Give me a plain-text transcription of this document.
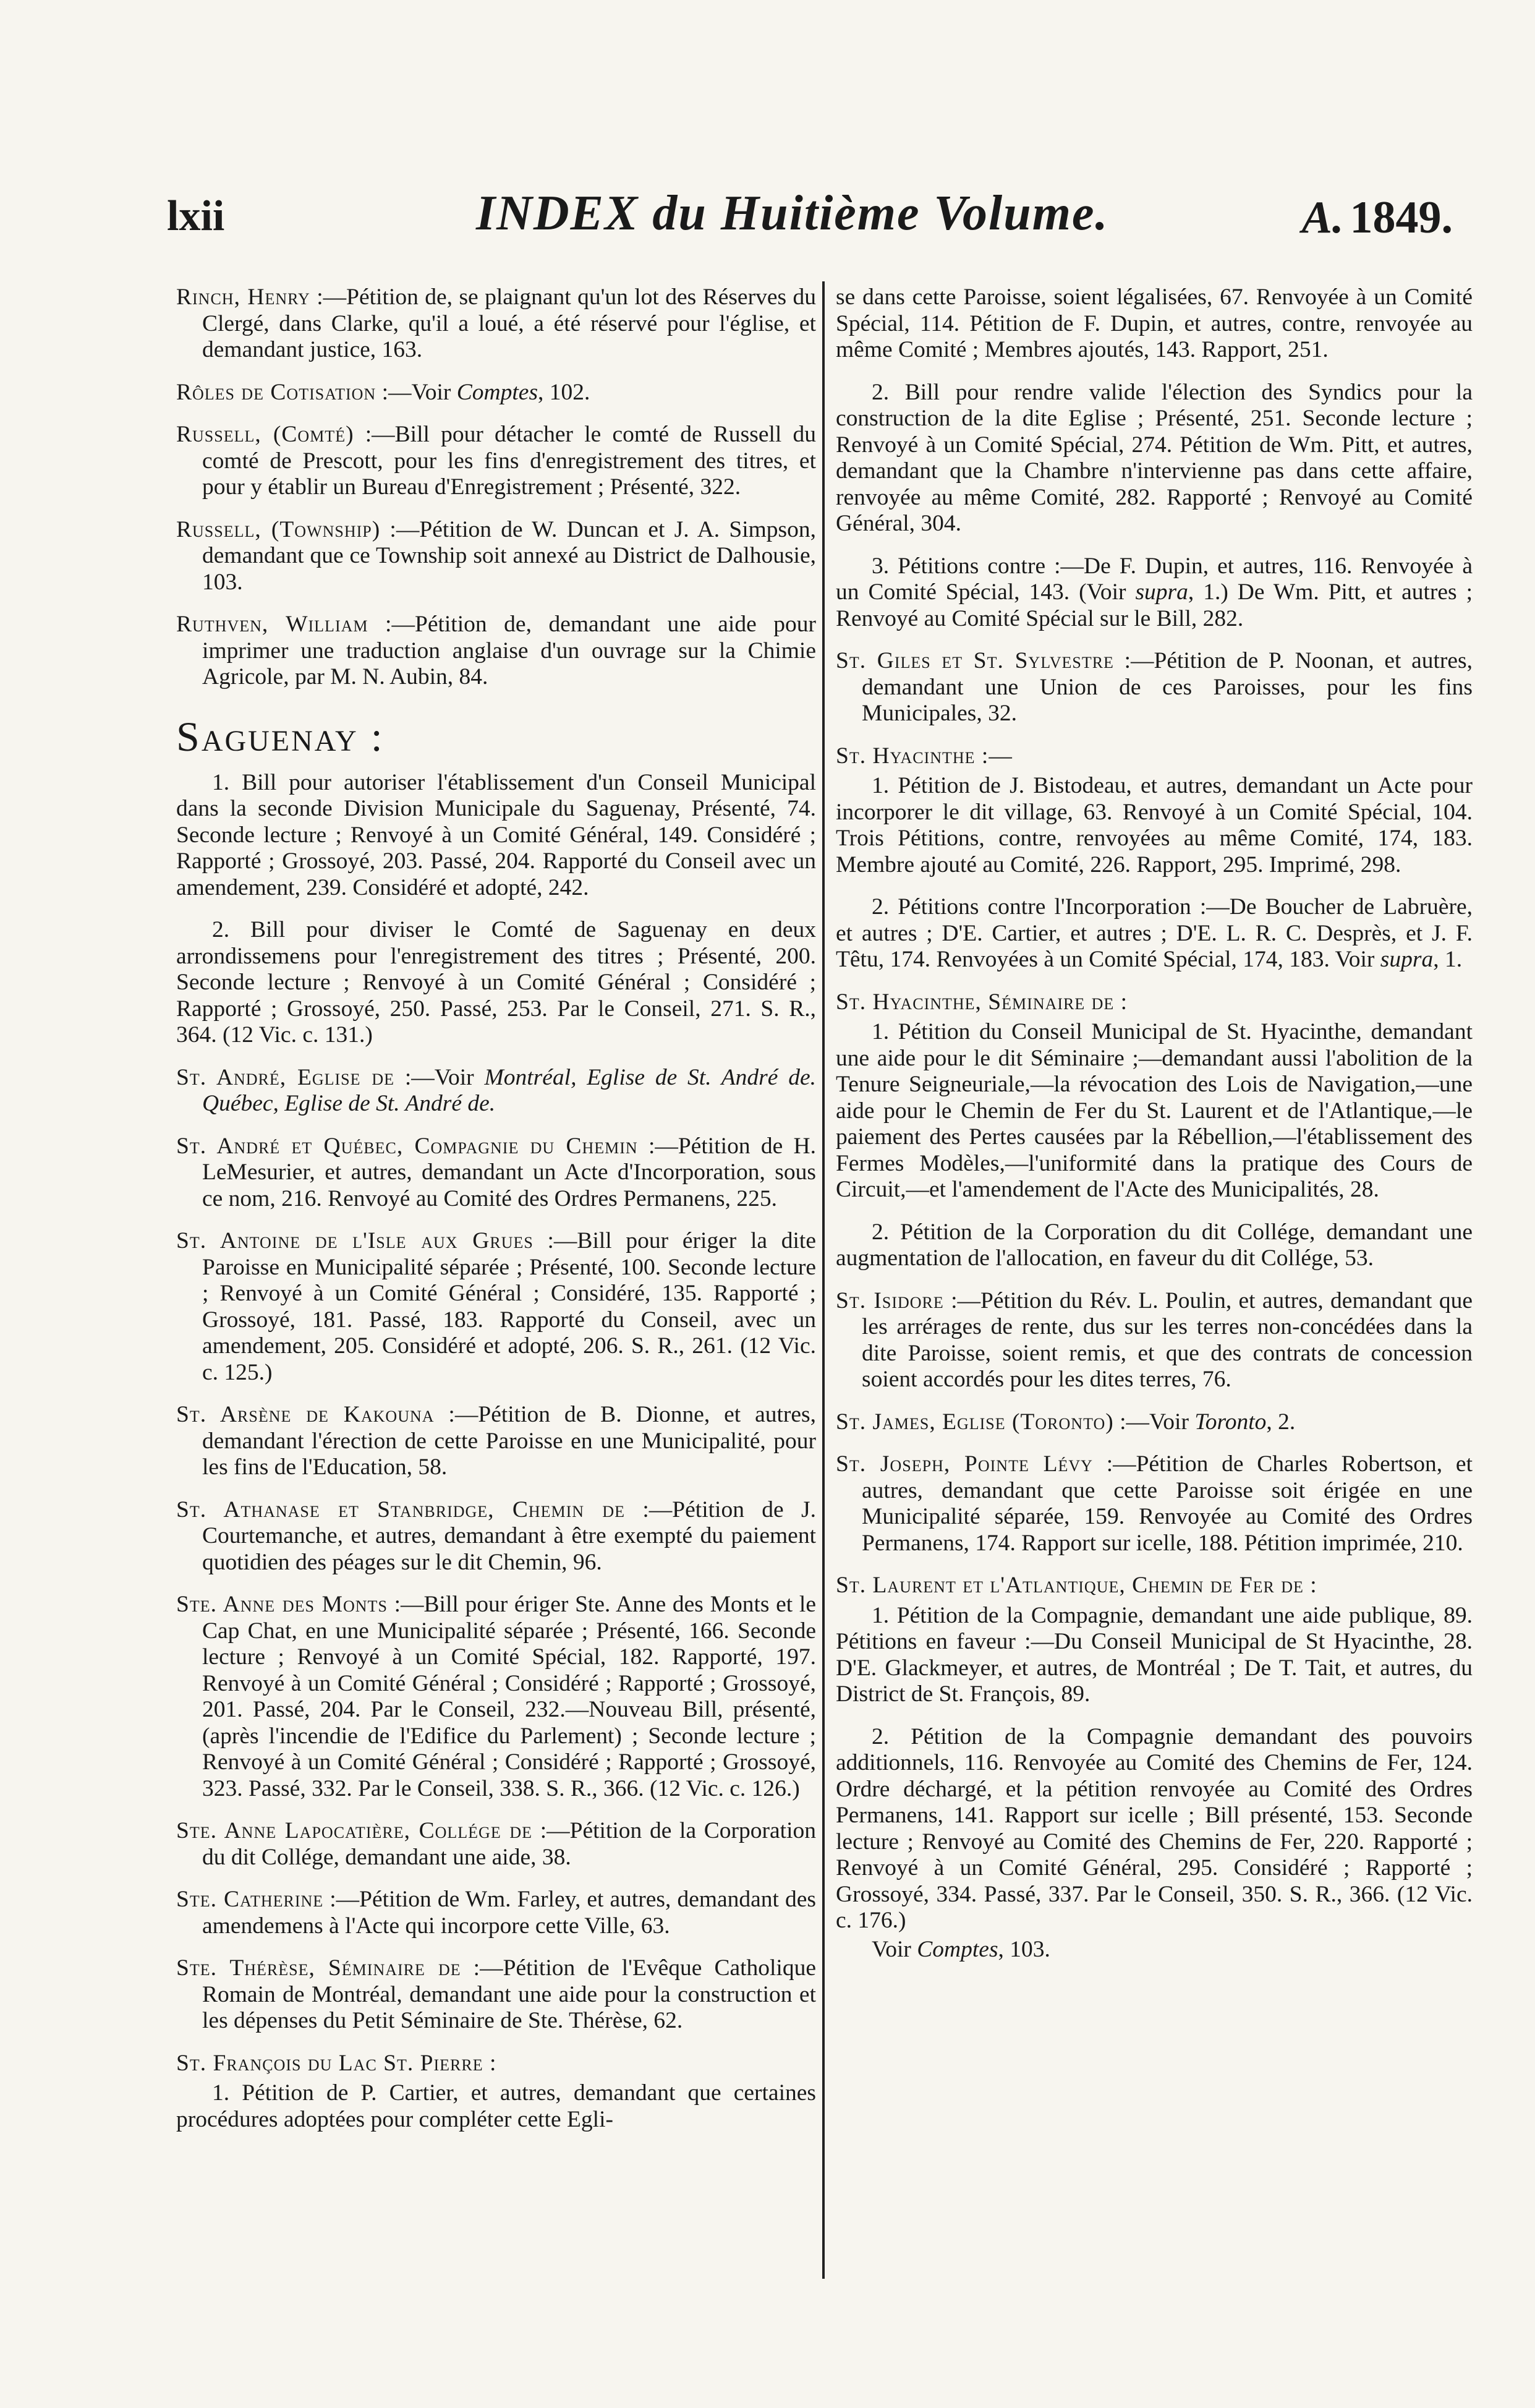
lxii	INDEX du Huitième Volume.	A. 1849.

Rinch, Henry :—Pétition de, se plaignant qu'un lot des Réserves du Clergé, dans Clarke, qu'il a loué, a été réservé pour l'église, et demandant justice, 163.

Rôles de Cotisation :—Voir Comptes, 102.

Russell, (Comté) :—Bill pour détacher le comté de Russell du comté de Prescott, pour les fins d'enregistrement des titres, et pour y établir un Bureau d'Enregistrement ; Présenté, 322.

Russell, (Township) :—Pétition de W. Duncan et J. A. Simpson, demandant que ce Township soit annexé au District de Dalhousie, 103.

Ruthven, William :—Pétition de, demandant une aide pour imprimer une traduction anglaise d'un ouvrage sur la Chimie Agricole, par M. N. Aubin, 84.

Saguenay :

1. Bill pour autoriser l'établissement d'un Conseil Municipal dans la seconde Division Municipale du Saguenay, Présenté, 74. Seconde lecture ; Renvoyé à un Comité Général, 149. Considéré ; Rapporté ; Grossoyé, 203. Passé, 204. Rapporté du Conseil avec un amendement, 239. Considéré et adopté, 242.

2. Bill pour diviser le Comté de Saguenay en deux arrondissemens pour l'enregistrement des titres ; Présenté, 200. Seconde lecture ; Renvoyé à un Comité Général ; Considéré ; Rapporté ; Grossoyé, 250. Passé, 253. Par le Conseil, 271. S. R., 364. (12 Vic. c. 131.)

St. André, Eglise de :—Voir Montréal, Eglise de St. André de. Québec, Eglise de St. André de.

St. André et Québec, Compagnie du Chemin :—Pétition de H. LeMesurier, et autres, demandant un Acte d'Incorporation, sous ce nom, 216. Renvoyé au Comité des Ordres Permanens, 225.

St. Antoine de l'Isle aux Grues :—Bill pour ériger la dite Paroisse en Municipalité séparée ; Présenté, 100. Seconde lecture ; Renvoyé à un Comité Général ; Considéré, 135. Rapporté ; Grossoyé, 181. Passé, 183. Rapporté du Conseil, avec un amendement, 205. Considéré et adopté, 206. S. R., 261. (12 Vic. c. 125.)

St. Arsène de Kakouna :—Pétition de B. Dionne, et autres, demandant l'érection de cette Paroisse en une Municipalité, pour les fins de l'Education, 58.

St. Athanase et Stanbridge, Chemin de :—Pétition de J. Courtemanche, et autres, demandant à être exempté du paiement quotidien des péages sur le dit Chemin, 96.

Ste. Anne des Monts :—Bill pour ériger Ste. Anne des Monts et le Cap Chat, en une Municipalité séparée ; Présenté, 166. Seconde lecture ; Renvoyé à un Comité Spécial, 182. Rapporté, 197. Renvoyé à un Comité Général ; Considéré ; Rapporté ; Grossoyé, 201. Passé, 204. Par le Conseil, 232.—Nouveau Bill, présenté, (après l'incendie de l'Edifice du Parlement) ; Seconde lecture ; Renvoyé à un Comité Général ; Considéré ; Rapporté ; Grossoyé, 323. Passé, 332. Par le Conseil, 338. S. R., 366. (12 Vic. c. 126.)

Ste. Anne Lapocatière, Collége de :—Pétition de la Corporation du dit Collége, demandant une aide, 38.

Ste. Catherine :—Pétition de Wm. Farley, et autres, demandant des amendemens à l'Acte qui incorpore cette Ville, 63.

Ste. Thérèse, Séminaire de :—Pétition de l'Evêque Catholique Romain de Montréal, demandant une aide pour la construction et les dépenses du Petit Séminaire de Ste. Thérèse, 62.

St. François du Lac St. Pierre :

1. Pétition de P. Cartier, et autres, demandant que certaines procédures adoptées pour compléter cette Egli-

se dans cette Paroisse, soient légalisées, 67. Renvoyée à un Comité Spécial, 114. Pétition de F. Dupin, et autres, contre, renvoyée au même Comité ; Membres ajoutés, 143. Rapport, 251.

2. Bill pour rendre valide l'élection des Syndics pour la construction de la dite Eglise ; Présenté, 251. Seconde lecture ; Renvoyé à un Comité Spécial, 274. Pétition de Wm. Pitt, et autres, demandant que la Chambre n'intervienne pas dans cette affaire, renvoyée au même Comité, 282. Rapporté ; Renvoyé au Comité Général, 304.

3. Pétitions contre :—De F. Dupin, et autres, 116. Renvoyée à un Comité Spécial, 143. (Voir supra, 1.) De Wm. Pitt, et autres ; Renvoyé au Comité Spécial sur le Bill, 282.

St. Giles et St. Sylvestre :—Pétition de P. Noonan, et autres, demandant une Union de ces Paroisses, pour les fins Municipales, 32.

St. Hyacinthe :—

1. Pétition de J. Bistodeau, et autres, demandant un Acte pour incorporer le dit village, 63. Renvoyé à un Comité Spécial, 104. Trois Pétitions, contre, renvoyées au même Comité, 174, 183. Membre ajouté au Comité, 226. Rapport, 295. Imprimé, 298.

2. Pétitions contre l'Incorporation :—De Boucher de Labruère, et autres ; D'E. Cartier, et autres ; D'E. L. R. C. Desprès, et J. F. Têtu, 174. Renvoyées à un Comité Spécial, 174, 183. Voir supra, 1.

St. Hyacinthe, Séminaire de :

1. Pétition du Conseil Municipal de St. Hyacinthe, demandant une aide pour le dit Séminaire ;—demandant aussi l'abolition de la Tenure Seigneuriale,—la révocation des Lois de Navigation,—une aide pour le Chemin de Fer du St. Laurent et de l'Atlantique,—le paiement des Pertes causées par la Rébellion,—l'établissement des Fermes Modèles,—l'uniformité dans la pratique des Cours de Circuit,—et l'amendement de l'Acte des Municipalités, 28.

2. Pétition de la Corporation du dit Collége, demandant une augmentation de l'allocation, en faveur du dit Collége, 53.

St. Isidore :—Pétition du Rév. L. Poulin, et autres, demandant que les arrérages de rente, dus sur les terres non-concédées dans la dite Paroisse, soient remis, et que des contrats de concession soient accordés pour les dites terres, 76.

St. James, Eglise (Toronto) :—Voir Toronto, 2.

St. Joseph, Pointe Lévy :—Pétition de Charles Robertson, et autres, demandant que cette Paroisse soit érigée en une Municipalité séparée, 159. Renvoyée au Comité des Ordres Permanens, 174. Rapport sur icelle, 188. Pétition imprimée, 210.

St. Laurent et l'Atlantique, Chemin de Fer de :

1. Pétition de la Compagnie, demandant une aide publique, 89. Pétitions en faveur :—Du Conseil Municipal de St Hyacinthe, 28. D'E. Glackmeyer, et autres, de Montréal ; De T. Tait, et autres, du District de St. François, 89.

2. Pétition de la Compagnie demandant des pouvoirs additionnels, 116. Renvoyée au Comité des Chemins de Fer, 124. Ordre déchargé, et la pétition renvoyée au Comité des Ordres Permanens, 141. Rapport sur icelle ; Bill présenté, 153. Seconde lecture ; Renvoyé au Comité des Chemins de Fer, 220. Rapporté ; Renvoyé à un Comité Général, 295. Considéré ; Rapporté ; Grossoyé, 334. Passé, 337. Par le Conseil, 350. S. R., 366. (12 Vic. c. 176.)

Voir Comptes, 103.
